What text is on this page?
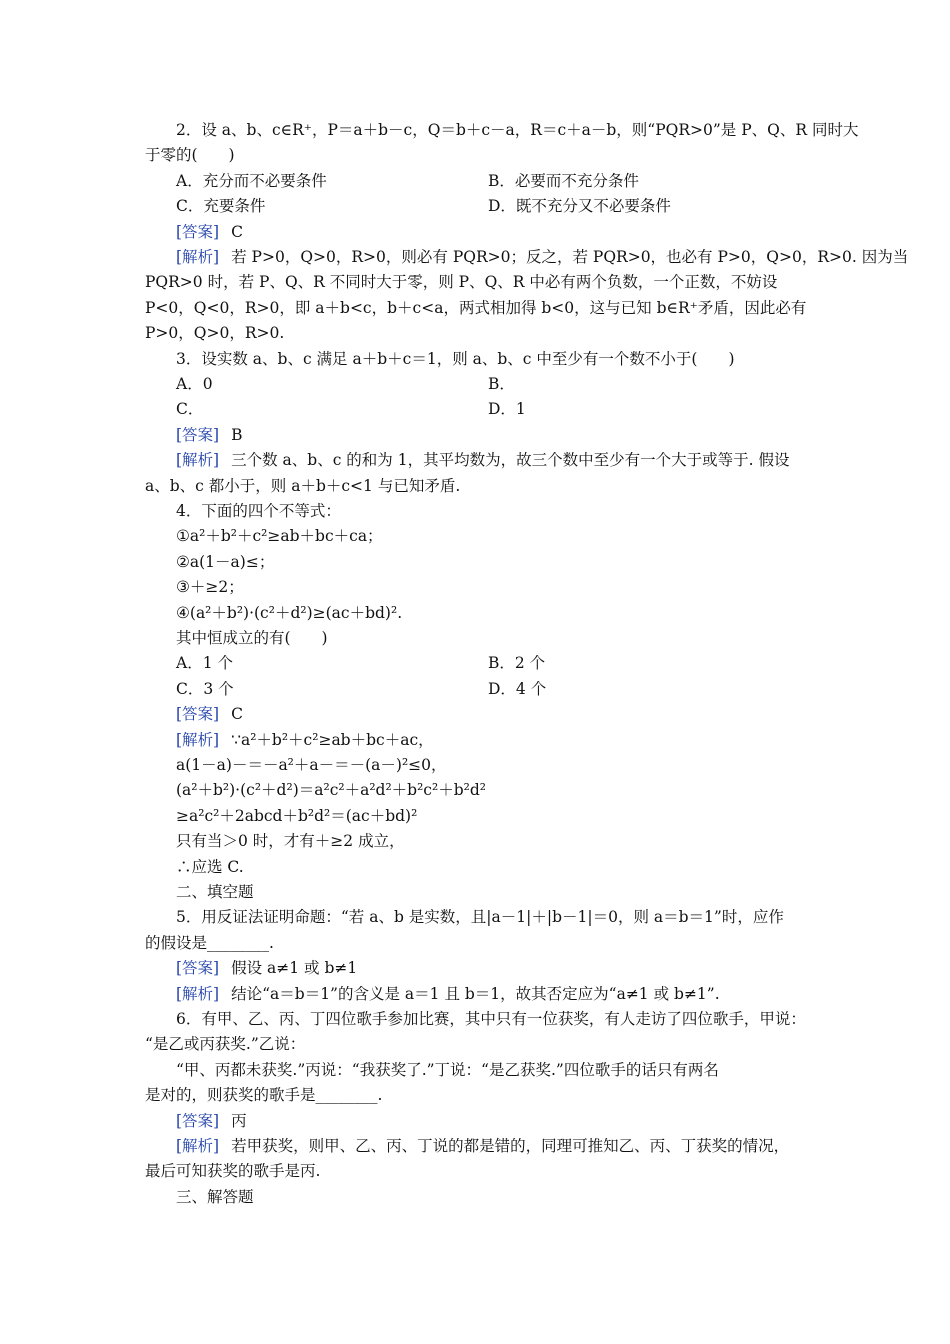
2．设 a、b、c∈R⁺，P＝a＋b－c，Q＝b＋c－a，R＝c＋a－b，则“PQR>0”是 P、Q、R 同时大
于零的(　　)
A．充分而不必要条件	B．必要而不充分条件
C．充要条件	D．既不充分又不必要条件
[答案] C
[解析] 若 P>0，Q>0，R>0，则必有 PQR>0；反之，若 PQR>0，也必有 P>0，Q>0，R>0. 因为当
PQR>0 时，若 P、Q、R 不同时大于零，则 P、Q、R 中必有两个负数，一个正数，不妨设
P<0，Q<0，R>0，即 a＋b<c，b＋c<a，两式相加得 b<0，这与已知 b∈R⁺矛盾，因此必有
P>0，Q>0，R>0.
3．设实数 a、b、c 满足 a＋b＋c＝1，则 a、b、c 中至少有一个数不小于(　　)
A．0	B．
C．	D．1
[答案] B
[解析] 三个数 a、b、c 的和为 1，其平均数为，故三个数中至少有一个大于或等于. 假设
a、b、c 都小于，则 a＋b＋c<1 与已知矛盾.
4．下面的四个不等式：
①a²＋b²＋c²≥ab＋bc＋ca；
②a(1－a)≤；
③＋≥2；
④(a²＋b²)·(c²＋d²)≥(ac＋bd)².
其中恒成立的有(　　)
A．1 个	B．2 个
C．3 个	D．4 个
[答案] C
[解析] ∵a²＋b²＋c²≥ab＋bc＋ac，
a(1－a)－＝－a²＋a－＝－(a－)²≤0，
(a²＋b²)·(c²＋d²)＝a²c²＋a²d²＋b²c²＋b²d²
≥a²c²＋2abcd＋b²d²＝(ac＋bd)²
只有当＞0 时，才有＋≥2 成立，
∴应选 C.
二、填空题
5．用反证法证明命题：“若 a、b 是实数，且|a－1|＋|b－1|＝0，则 a＝b＝1”时，应作
的假设是________.
[答案] 假设 a≠1 或 b≠1
[解析] 结论“a＝b＝1”的含义是 a＝1 且 b＝1，故其否定应为“a≠1 或 b≠1”.
6．有甲、乙、丙、丁四位歌手参加比赛，其中只有一位获奖，有人走访了四位歌手，甲说：
“是乙或丙获奖.”乙说：
“甲、丙都未获奖.”丙说：“我获奖了.”丁说：“是乙获奖.”四位歌手的话只有两名
是对的，则获奖的歌手是________.
[答案] 丙
[解析] 若甲获奖，则甲、乙、丙、丁说的都是错的，同理可推知乙、丙、丁获奖的情况，
最后可知获奖的歌手是丙.
三、解答题
